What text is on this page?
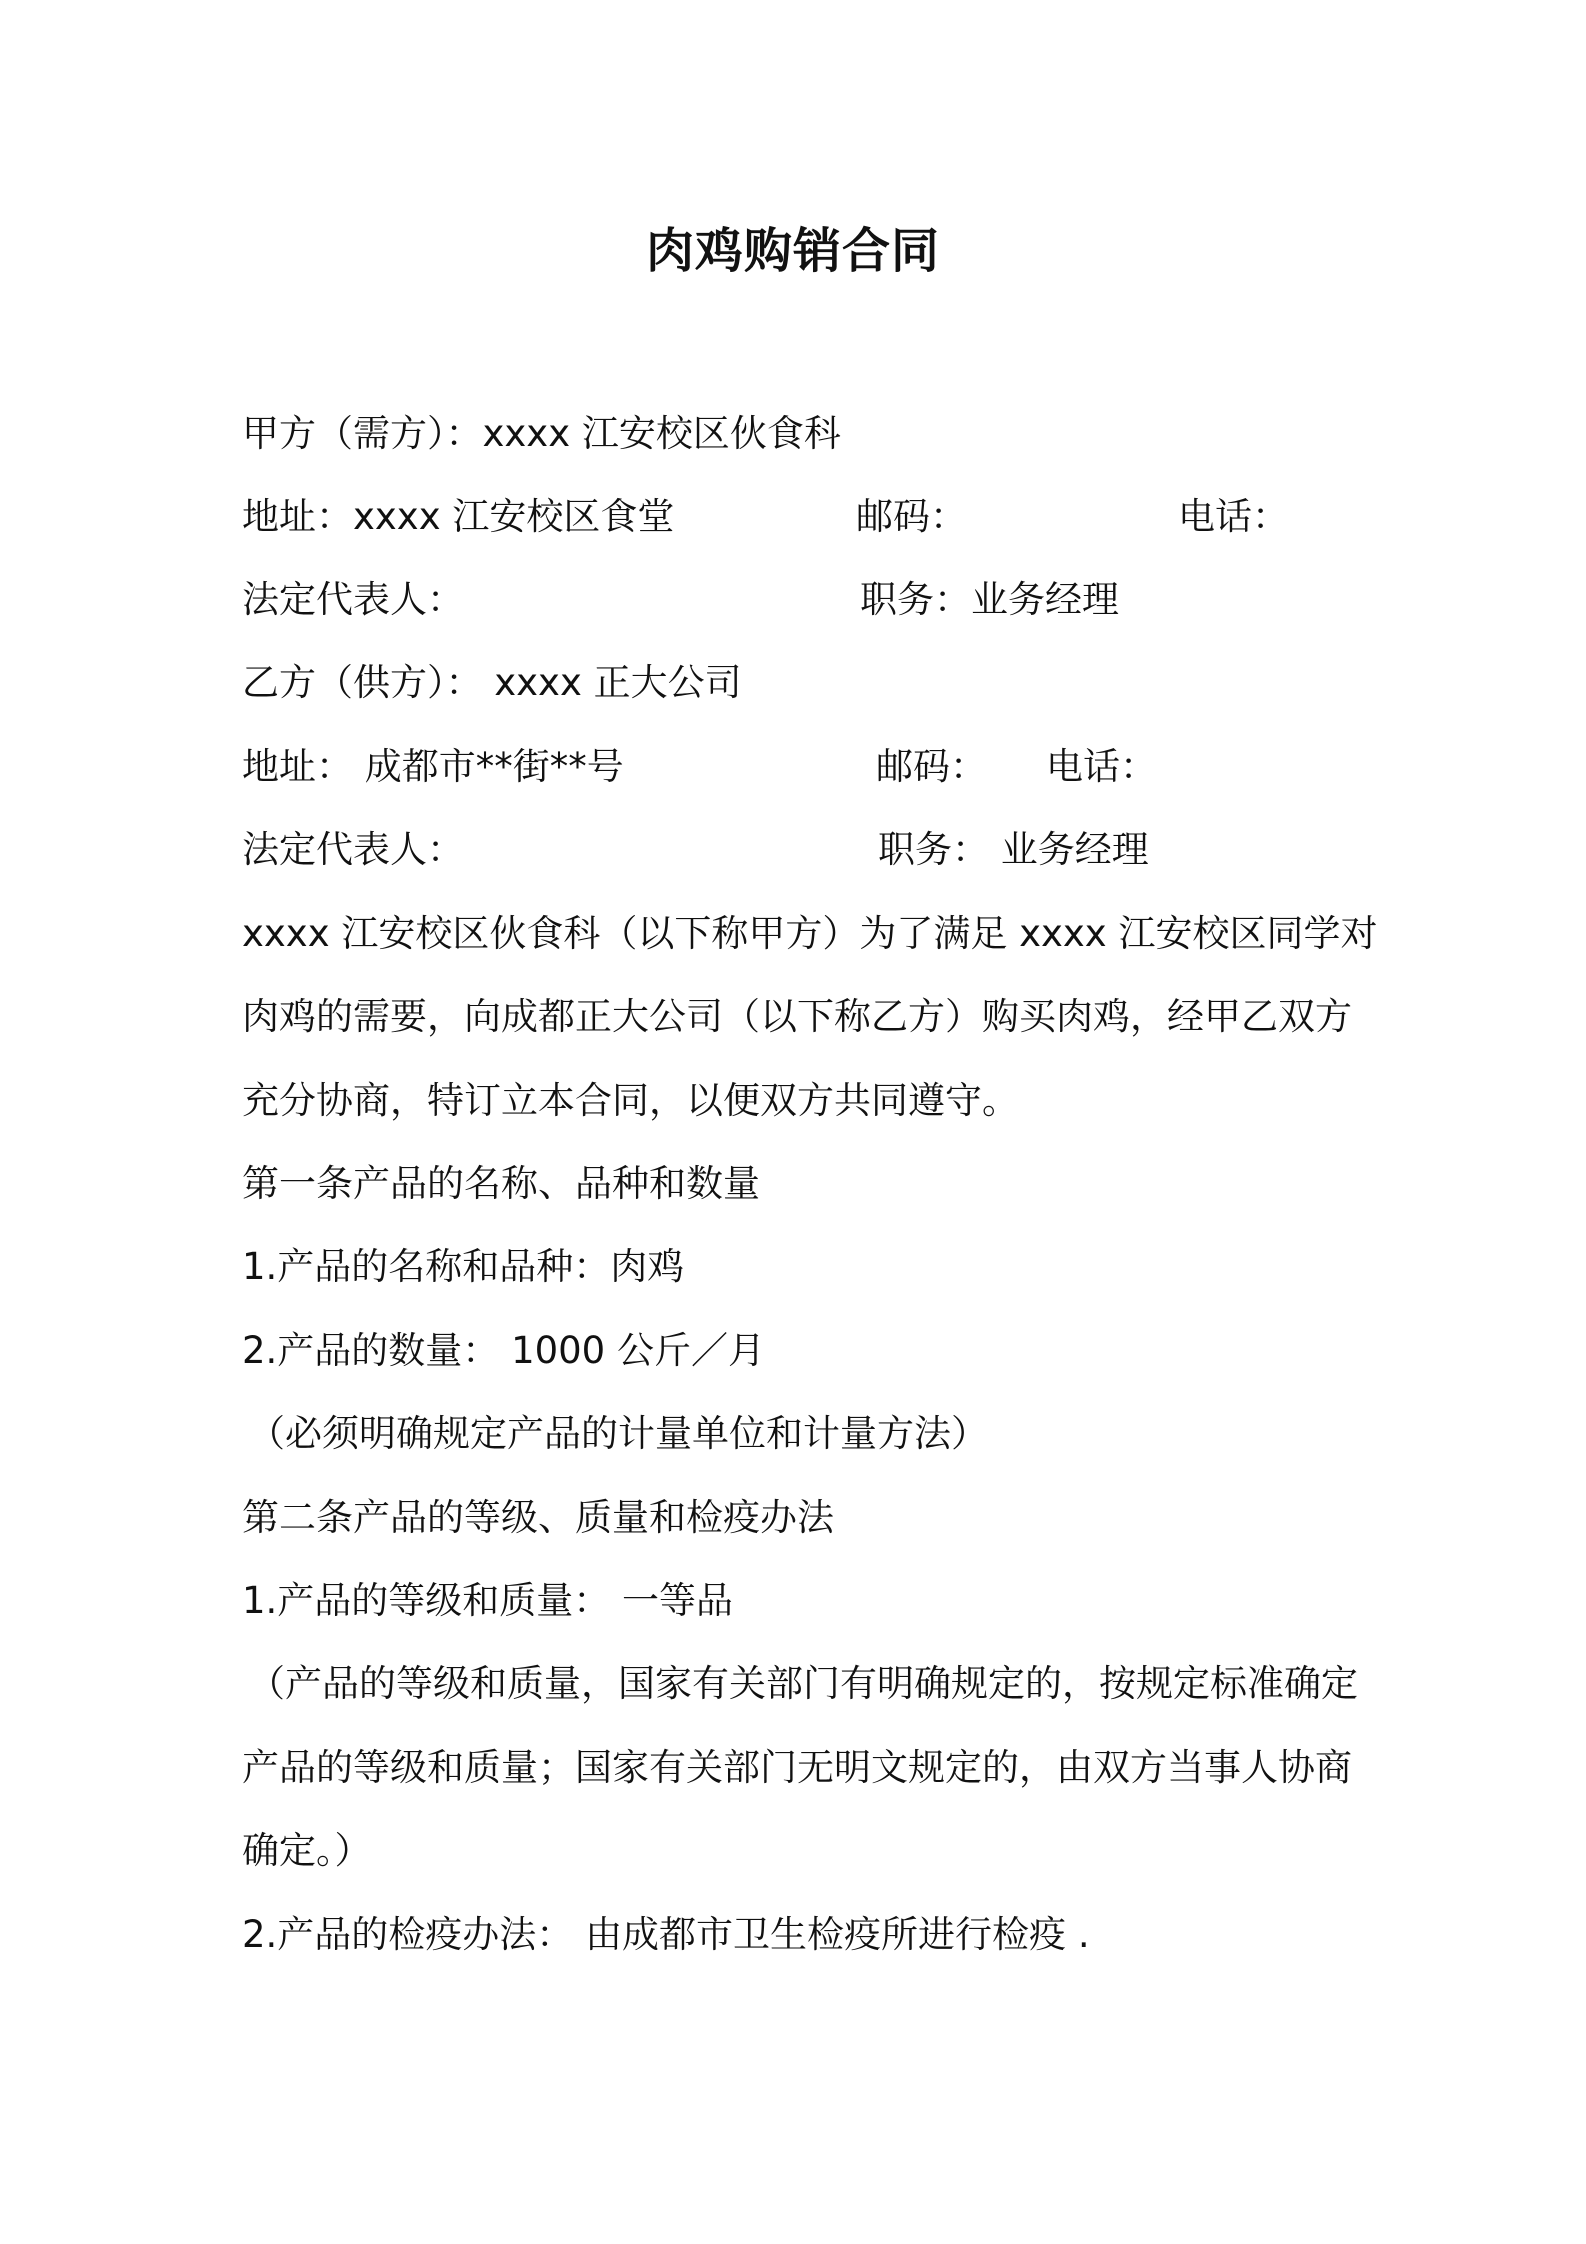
肉鸡购销合同
甲方（需方）：xxxx 江安校区伙食科
地址：xxxx 江安校区食堂	邮码：	电话：
法定代表人：	职务：业务经理
乙方（供方）： xxxx 正大公司
地址： 成都市**街**号	邮码： 电话：
法定代表人：	职务： 业务经理
xxxx 江安校区伙食科（以下称甲方）为了满足 xxxx 江安校区同学对
肉鸡的需要，向成都正大公司（以下称乙方）购买肉鸡，经甲乙双方
充分协商，特订立本合同，以便双方共同遵守。
第一条产品的名称、品种和数量
1.产品的名称和品种：肉鸡
2.产品的数量： 1000 公斤／月
（必须明确规定产品的计量单位和计量方法）
第二条产品的等级、质量和检疫办法
1.产品的等级和质量： 一等品
（产品的等级和质量，国家有关部门有明确规定的，按规定标准确定
产品的等级和质量；国家有关部门无明文规定的，由双方当事人协商
确定。）
2.产品的检疫办法： 由成都市卫生检疫所进行检疫 .
